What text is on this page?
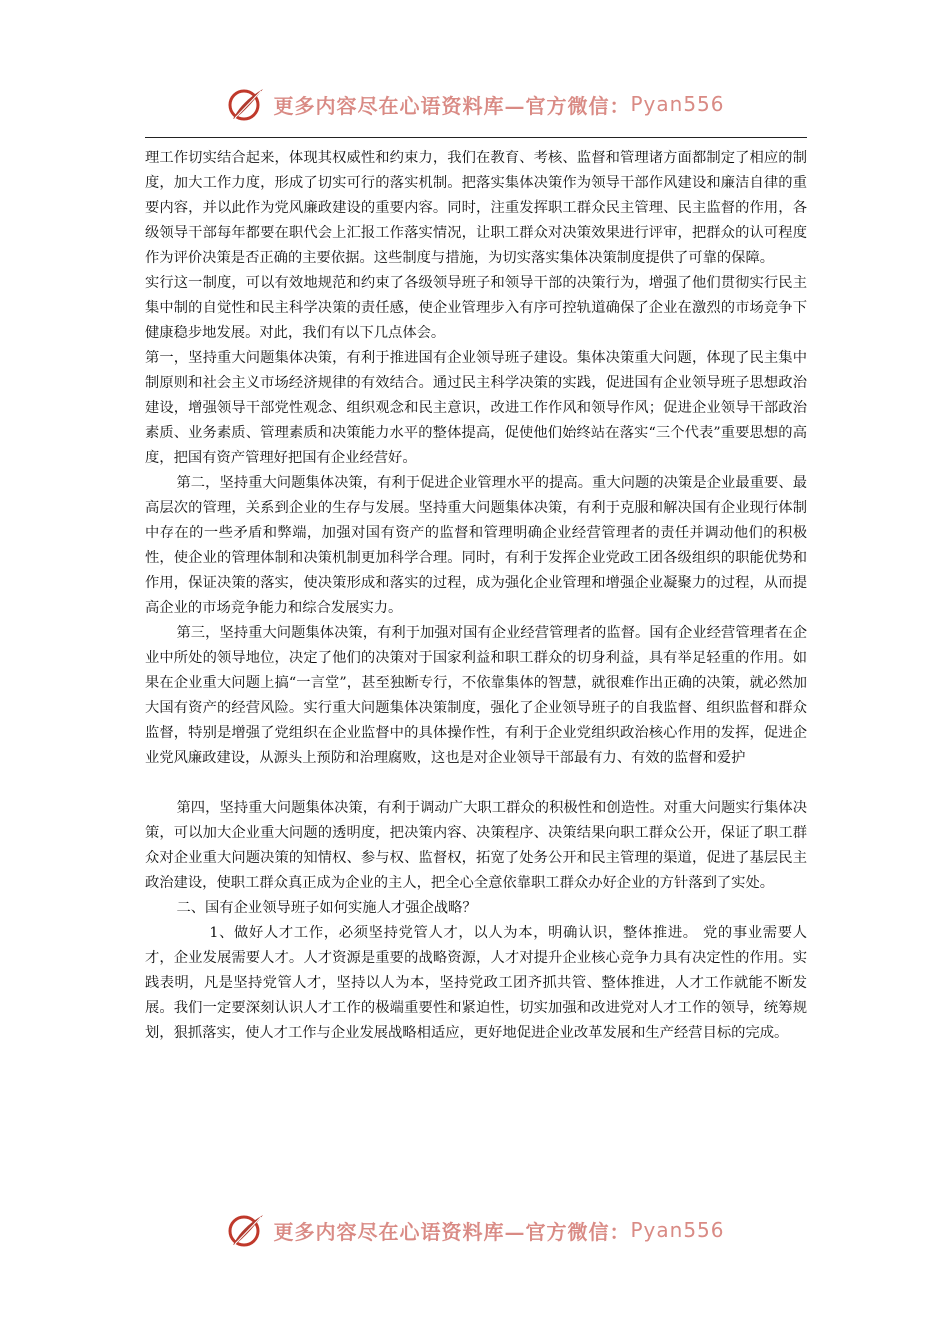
更多内容尽在心语资料库—官方微信： Pyan556

理工作切实结合起来，体现其权威性和约束力，我们在教育、考核、监督和管理诸方面都制定了相应的制度，加大工作力度，形成了切实可行的落实机制。把落实集体决策作为领导干部作风建设和廉洁自律的重要内容，并以此作为党风廉政建设的重要内容。同时，注重发挥职工群众民主管理、民主监督的作用，各级领导干部每年都要在职代会上汇报工作落实情况，让职工群众对决策效果进行评审，把群众的认可程度作为评价决策是否正确的主要依据。这些制度与措施，为切实落实集体决策制度提供了可靠的保障。

实行这一制度，可以有效地规范和约束了各级领导班子和领导干部的决策行为，增强了他们贯彻实行民主集中制的自觉性和民主科学决策的责任感，使企业管理步入有序可控轨道确保了企业在激烈的市场竞争下健康稳步地发展。对此，我们有以下几点体会。

第一，坚持重大问题集体决策，有利于推进国有企业领导班子建设。集体决策重大问题，体现了民主集中制原则和社会主义市场经济规律的有效结合。通过民主科学决策的实践，促进国有企业领导班子思想政治建设，增强领导干部党性观念、组织观念和民主意识，改进工作作风和领导作风；促进企业领导干部政治素质、业务素质、管理素质和决策能力水平的整体提高，促使他们始终站在落实“三个代表”重要思想的高度，把国有资产管理好把国有企业经营好。

第二，坚持重大问题集体决策，有利于促进企业管理水平的提高。重大问题的决策是企业最重要、最高层次的管理，关系到企业的生存与发展。坚持重大问题集体决策，有利于克服和解决国有企业现行体制中存在的一些矛盾和弊端，加强对国有资产的监督和管理明确企业经营管理者的责任并调动他们的积极性，使企业的管理体制和决策机制更加科学合理。同时，有利于发挥企业党政工团各级组织的职能优势和作用，保证决策的落实，使决策形成和落实的过程，成为强化企业管理和增强企业凝聚力的过程，从而提高企业的市场竞争能力和综合发展实力。

第三，坚持重大问题集体决策，有利于加强对国有企业经营管理者的监督。国有企业经营管理者在企业中所处的领导地位，决定了他们的决策对于国家利益和职工群众的切身利益，具有举足轻重的作用。如果在企业重大问题上搞“一言堂”，甚至独断专行，不依靠集体的智慧，就很难作出正确的决策，就必然加大国有资产的经营风险。实行重大问题集体决策制度，强化了企业领导班子的自我监督、组织监督和群众监督，特别是增强了党组织在企业监督中的具体操作性，有利于企业党组织政治核心作用的发挥，促进企业党风廉政建设，从源头上预防和治理腐败，这也是对企业领导干部最有力、有效的监督和爱护

第四，坚持重大问题集体决策，有利于调动广大职工群众的积极性和创造性。对重大问题实行集体决策，可以加大企业重大问题的透明度，把决策内容、决策程序、决策结果向职工群众公开，保证了职工群众对企业重大问题决策的知情权、参与权、监督权，拓宽了处务公开和民主管理的渠道，促进了基层民主政治建设，使职工群众真正成为企业的主人，把全心全意依靠职工群众办好企业的方针落到了实处。

二、国有企业领导班子如何实施人才强企战略？

1、做好人才工作，必须坚持党管人才，以人为本，明确认识，整体推进。 党的事业需要人才，企业发展需要人才。人才资源是重要的战略资源，人才对提升企业核心竞争力具有决定性的作用。实践表明，凡是坚持党管人才，坚持以人为本，坚持党政工团齐抓共管、整体推进，人才工作就能不断发展。我们一定要深刻认识人才工作的极端重要性和紧迫性，切实加强和改进党对人才工作的领导，统筹规划，狠抓落实，使人才工作与企业发展战略相适应，更好地促进企业改革发展和生产经营目标的完成。

更多内容尽在心语资料库—官方微信： Pyan556
